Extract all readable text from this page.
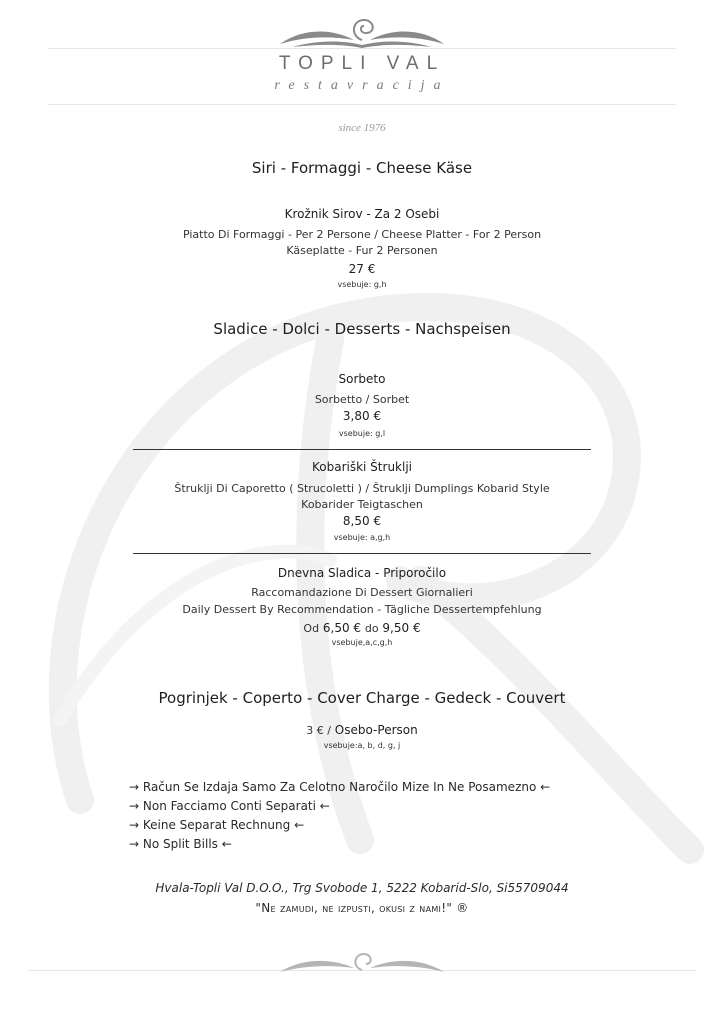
TOPLI VAL
restavracija
since 1976
Siri - Formaggi - Cheese Käse
Krožnik Sirov - Za 2 Osebi
Piatto Di Formaggi - Per 2 Persone / Cheese Platter - For 2 Person
Käseplatte - Fur 2 Personen
27 €
vsebuje: g,h
Sladice - Dolci - Desserts - Nachspeisen
Sorbeto
Sorbetto / Sorbet
3,80 €
vsebuje: g,l
Kobariški Štruklji
Štruklji Di Caporetto ( Strucoletti ) / Štruklji Dumplings Kobarid Style
Kobarider Teigtaschen
8,50 €
vsebuje: a,g,h
Dnevna Sladica - Priporočilo
Raccomandazione Di Dessert Giornalieri
Daily Dessert By Recommendation - Tägliche Dessertempfehlung
Od 6,50 € do 9,50 €
vsebuje,a,c,g,h
Pogrinjek - Coperto - Cover Charge - Gedeck - Couvert
3 € / Osebo-Person
vsebuje:a, b, d, g, j
→ Račun Se Izdaja Samo Za Celotno Naročilo Mize In Ne Posamezno ←
→ Non Facciamo Conti Separati ←
→ Keine Separat Rechnung ←
→ No Split Bills ←
Hvala-Topli Val D.O.O., Trg Svobode 1, 5222 Kobarid-Slo, Si55709044
"Ne zamudi, ne izpusti, okusi z nami!" ®
